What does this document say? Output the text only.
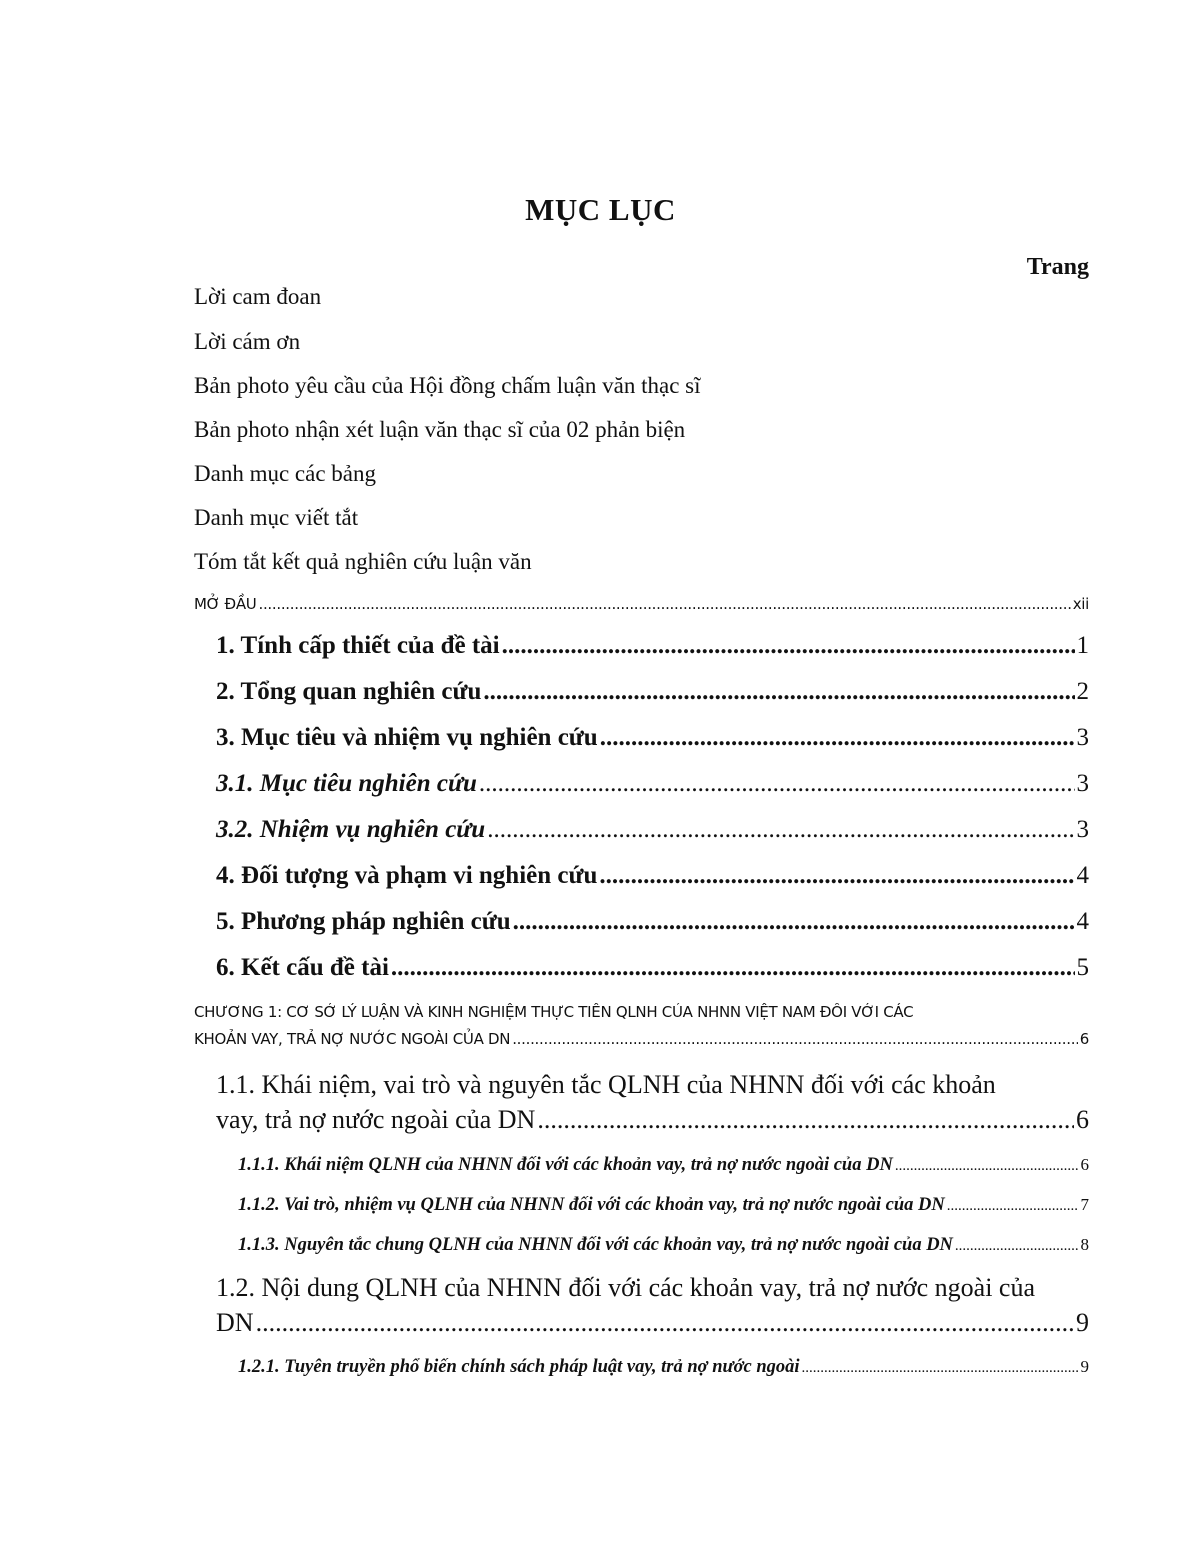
MỤC LỤC
Trang
Lời cam đoan
Lời cám ơn
Bản photo yêu cầu của Hội đồng chấm luận văn thạc sĩ
Bản photo nhận xét luận văn thạc sĩ của 02 phản biện
Danh mục các bảng
Danh mục viết tắt
Tóm tắt kết quả nghiên cứu luận văn
MỞ ĐẦU .....	xii
1. Tính cấp thiết của đề tài .....	1
2. Tổng quan nghiên cứu .....	2
3. Mục tiêu và nhiệm vụ nghiên cứu .....	3
3.1. Mục tiêu nghiên cứu .....	3
3.2. Nhiệm vụ nghiên cứu .....	3
4. Đối tượng và phạm vi nghiên cứu .....	4
5. Phương pháp nghiên cứu .....	4
6. Kết cấu đề tài .....	5
CHƯƠNG 1: CƠ SỞ LÝ LUẬN VÀ KINH NGHIỆM THỰC TIỄN QLNH CỦA NHNN VIỆT NAM ĐỐI VỚI CÁC
KHOẢN VAY, TRẢ NỢ NƯỚC NGOÀI CỦA DN .....	6
1.1. Khái niệm, vai trò và nguyên tắc QLNH của NHNN đối với các khoản
vay, trả nợ nước ngoài của DN .....	6
1.1.1. Khái niệm QLNH của NHNN đối với các khoản vay, trả nợ nước ngoài của DN .....	6
1.1.2. Vai trò, nhiệm vụ QLNH của NHNN đối với các khoản vay, trả nợ nước ngoài của DN .....	7
1.1.3. Nguyên tắc chung QLNH của NHNN đối với các khoản vay, trả nợ nước ngoài của DN .....	8
1.2. Nội dung QLNH của NHNN đối với các khoản vay, trả nợ nước ngoài của
DN .....	9
1.2.1. Tuyên truyền phổ biến chính sách pháp luật vay, trả nợ nước ngoài .....	9
